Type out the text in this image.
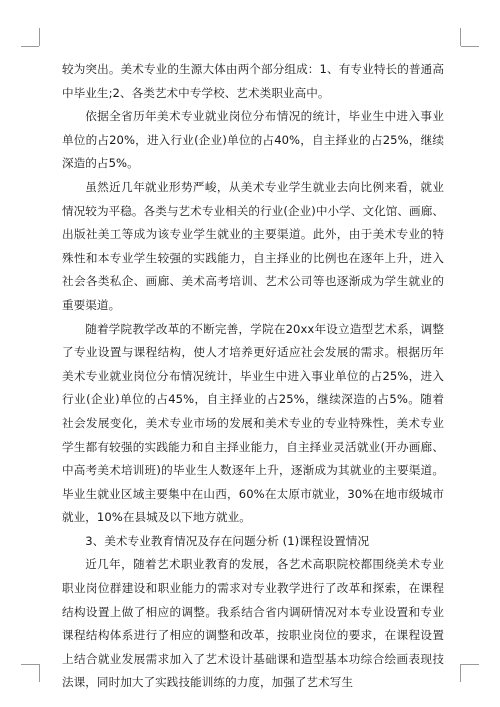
较为突出。美术专业的生源大体由两个部分组成：1、有专业特长的普通高中毕业生;2、各类艺术中专学校、艺术类职业高中。

依据全省历年美术专业就业岗位分布情况的统计，毕业生中进入事业单位的占20%，进入行业(企业)单位的占40%，自主择业的占25%，继续深造的占5%。

虽然近几年就业形势严峻，从美术专业学生就业去向比例来看，就业情况较为平稳。各类与艺术专业相关的行业(企业)中小学、文化馆、画廊、出版社美工等成为该专业学生就业的主要渠道。此外，由于美术专业的特殊性和本专业学生较强的实践能力，自主择业的比例也在逐年上升，进入社会各类私企、画廊、美术高考培训、艺术公司等也逐渐成为学生就业的重要渠道。

随着学院教学改革的不断完善，学院在20xx年设立造型艺术系，调整了专业设置与课程结构，使人才培养更好适应社会发展的需求。根据历年美术专业就业岗位分布情况统计，毕业生中进入事业单位的占25%，进入行业(企业)单位的占45%，自主择业的占25%，继续深造的占5%。随着社会发展变化，美术专业市场的发展和美术专业的专业特殊性，美术专业学生都有较强的实践能力和自主择业能力，自主择业灵活就业(开办画廊、中高考美术培训班)的毕业生人数逐年上升，逐渐成为其就业的主要渠道。毕业生就业区域主要集中在山西，60%在太原市就业，30%在地市级城市就业，10%在县城及以下地方就业。

3、美术专业教育情况及存在问题分析 (1)课程设置情况

近几年，随着艺术职业教育的发展，各艺术高职院校都围绕美术专业职业岗位群建设和职业能力的需求对专业教学进行了改革和探索，在课程结构设置上做了相应的调整。我系结合省内调研情况对本专业设置和专业课程结构体系进行了相应的调整和改革，按职业岗位的要求，在课程设置上结合就业发展需求加入了艺术设计基础课和造型基本功综合绘画表现技法课，同时加大了实践技能训练的力度，加强了艺术写生
